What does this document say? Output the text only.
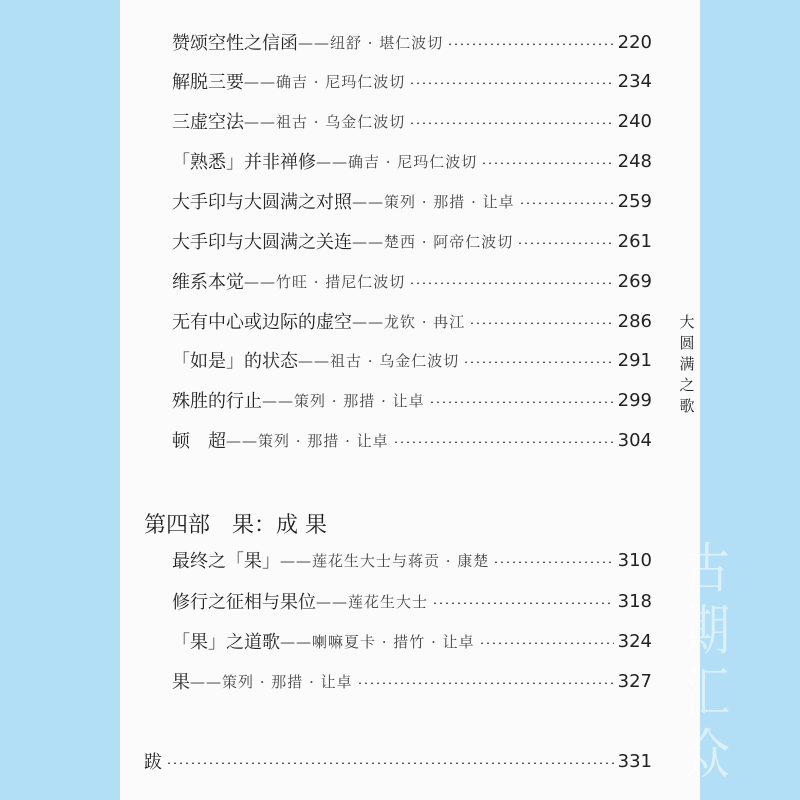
赞颂空性之信函 ——纽舒 · 堪仁波切	220
解脱三要 ——确吉 · 尼玛仁波切	234
三虚空法 ——祖古 · 乌金仁波切	240
「熟悉」并非禅修 ——确吉 · 尼玛仁波切	248
大手印与大圆满之对照 ——策列 · 那措 · 让卓	259
大手印与大圆满之关连 ——楚西 · 阿帝仁波切	261
维系本觉 ——竹旺 · 措尼仁波切	269
无有中心或边际的虚空 ——龙钦 · 冉江	286
「如是」的状态 ——祖古 · 乌金仁波切	291
殊胜的行止 ——策列 · 那措 · 让卓	299
顿　超 ——策列 · 那措 · 让卓	304
第四部　果：成 果
最终之「果」 ——莲花生大士与蒋贡 · 康楚	310
修行之征相与果位 ——莲花生大士	318
「果」之道歌 ——喇嘛夏卡 · 措竹 · 让卓	324
果 ——策列 · 那措 · 让卓	327
跋	331
大
圆
满
之
歌
古
期
汇
众
